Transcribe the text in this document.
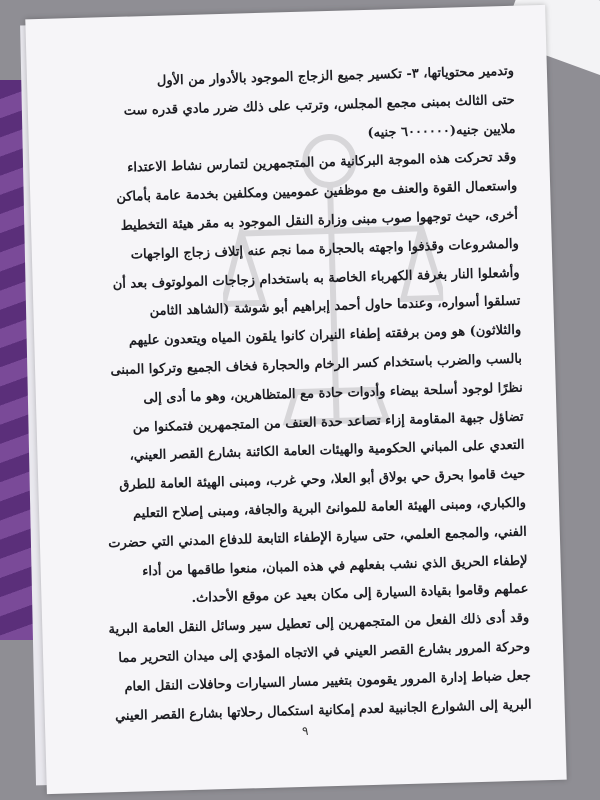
وتدمير محتوياتها، ٣- تكسير جميع الزجاج الموجود بالأدوار من الأول
حتى الثالث بمبنى مجمع المجلس، وترتب على ذلك ضرر مادي قدره ست
ملايين جنيه(٦٠٠٠٠٠٠ جنيه)
وقد تحركت هذه الموجة البركانية من المتجمهرين لتمارس نشاط الاعتداء
واستعمال القوة والعنف مع موظفين عموميين ومكلفين بخدمة عامة بأماكن
أخرى، حيث توجهوا صوب مبنى وزارة النقل الموجود به مقر هيئة التخطيط
والمشروعات وقذفوا واجهته بالحجارة مما نجم عنه إتلاف زجاج الواجهات
وأشعلوا النار بغرفة الكهرباء الخاصة به باستخدام زجاجات المولوتوف بعد أن
تسلقوا أسواره، وعندما حاول أحمد إبراهيم أبو شوشة (الشاهد الثامن
والثلاثون) هو ومن برفقته إطفاء النيران كانوا يلقون المياه ويتعدون عليهم
بالسب والضرب باستخدام كسر الرخام والحجارة فخاف الجميع وتركوا المبنى
نظرًا لوجود أسلحة بيضاء وأدوات حادة مع المتظاهرين، وهو ما أدى إلى
تضاؤل جبهة المقاومة إزاء تصاعد حدة العنف من المتجمهرين فتمكنوا من
التعدي على المباني الحكومية والهيئات العامة الكائنة بشارع القصر العيني،
حيث قاموا بحرق حي بولاق أبو العلا، وحي غرب، ومبنى الهيئة العامة للطرق
والكباري، ومبنى الهيئة العامة للموانئ البرية والجافة، ومبنى إصلاح التعليم
الفني، والمجمع العلمي، حتى سيارة الإطفاء التابعة للدفاع المدني التي حضرت
لإطفاء الحريق الذي نشب بفعلهم في هذه المبان، منعوا طاقمها من أداء
عملهم وقاموا بقيادة السيارة إلى مكان بعيد عن موقع الأحداث.
وقد أدى ذلك الفعل من المتجمهرين إلى تعطيل سير وسائل النقل العامة البرية
وحركة المرور بشارع القصر العيني في الاتجاه المؤدي إلى ميدان التحرير مما
جعل ضباط إدارة المرور يقومون بتغيير مسار السيارات وحافلات النقل العام
البرية إلى الشوارع الجانبية لعدم إمكانية استكمال رحلاتها بشارع القصر العيني
٩
